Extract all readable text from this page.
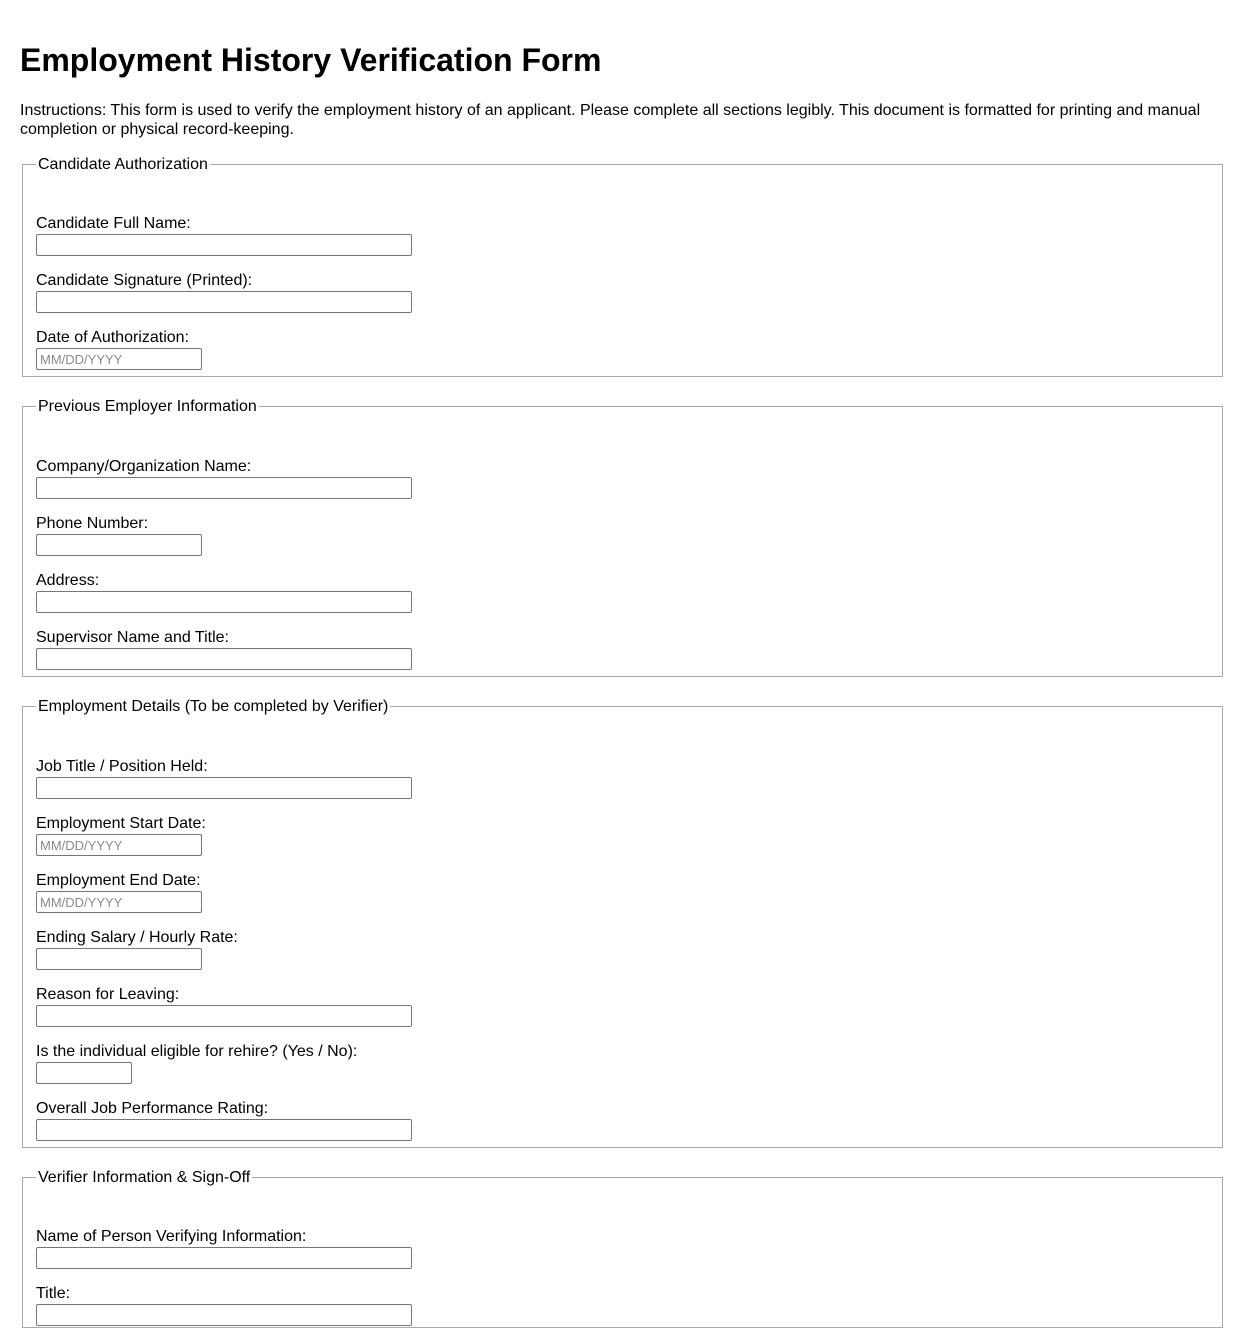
Employment History Verification Form

Instructions: This form is used to verify the employment history of an applicant. Please complete all sections legibly. This document is formatted for printing and manual completion or physical record-keeping.

Candidate Authorization
Candidate Full Name:
Candidate Signature (Printed):
Date of Authorization:
MM/DD/YYYY
Previous Employer Information
Company/Organization Name:
Phone Number:
Address:
Supervisor Name and Title:
Employment Details (To be completed by Verifier)
Job Title / Position Held:
Employment Start Date:
MM/DD/YYYY
Employment End Date:
MM/DD/YYYY
Ending Salary / Hourly Rate:
Reason for Leaving:
Is the individual eligible for rehire? (Yes / No):
Overall Job Performance Rating:
Verifier Information & Sign-Off
Name of Person Verifying Information:
Title:
